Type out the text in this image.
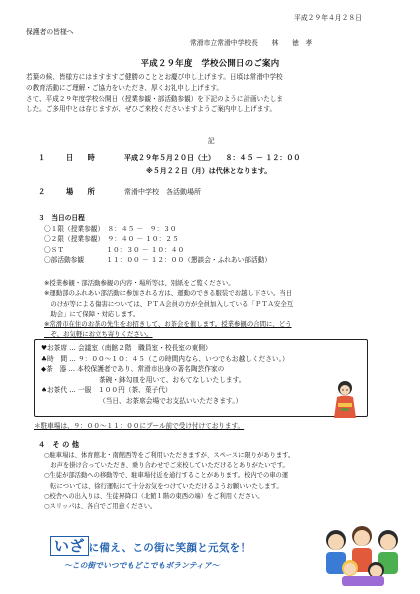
平成２９年４月２８日
保護者の皆様へ
常滑市立常滑中学校長　　林　　徳　孝
平成２９年度　学校公開日のご案内
若葉の候、皆様方にはますますご健勝のこととお慶び申し上げます。日頃は常滑中学校
の教育活動にご理解・ご協力をいただき、厚くお礼申し上げます。
さて、平成２９年度学校公開日（授業参観・部活動参観）を下記のように計画いたしま
した。ご多用中とは存じますが、ぜひご来校くださいますようご案内申し上げます。
記
１	日　　時	平成２９年５月２０日（土）　　８：４５ － １２：００
※５月２２日（月）は代休となります。
２	場　　所	常滑中学校　各活動場所
３　当日の日程
〇１限（授業参観）　８：４５ －　９：３０
〇２限（授業参観）　９：４０ － １０：２５
〇ＳＴ　　　　　　 １０：３０ － １０：４０
〇部活動参観　　　 １１：００ － １２：００（懇談会・ふれあい部活動）
※授業参観・部活動参観の内容・場所等は、別紙をご覧ください。
※運動部のふれあい部活動に参加される方は、運動のできる服装でお越し下さい。当日
　のけが等による傷害については、ＰＴＡ会員の方が全員加入している「ＰＴＡ安全互
　助会」にて保障・対応します。
※常滑市在住のお茶の先生をお招きして、お茶会を催します。授業参観の合間に、どう
　ぞ、お気軽にお立ち寄りください。
♥お茶席 … 会議室（南館２階　職員室・校長室の東側）
♣時　間 … ９：００～１０：４５（この時間内なら、いつでもお越しください。）
◆茶　器 … 本校保護者であり、常滑市出身の著名陶芸作家の
茶碗・鉢勾皿を用いて、おもてなしいたします。
♠お茶代 … 一服　１００円（茶、菓子代）
（当日、お茶席会場でお支払いいただきます。）
＊駐車場は、９：００～１１：００にプール前で受け付けております。
４　そ の 他
○駐車場は、体育館北・南館西等をご利用いただきますが、スペースに限りがあります。
　お声を掛け合っていただき、乗り合わせでご来校していただけるとありがたいです。
○生徒が部活動への移動等で、駐車場付近を通行することがあります。校内での車の運
　転については、徐行運転にて十分お気をつけていただけるようお願いいたします。
○校舎への出入りは、生徒昇降口（北館１階の東西の端）をご利用ください。
○スリッパは、各自でご用意ください。
いざ に備え、この街に笑顔と元気を！
～この街でいつでもどこでもボランティア～
